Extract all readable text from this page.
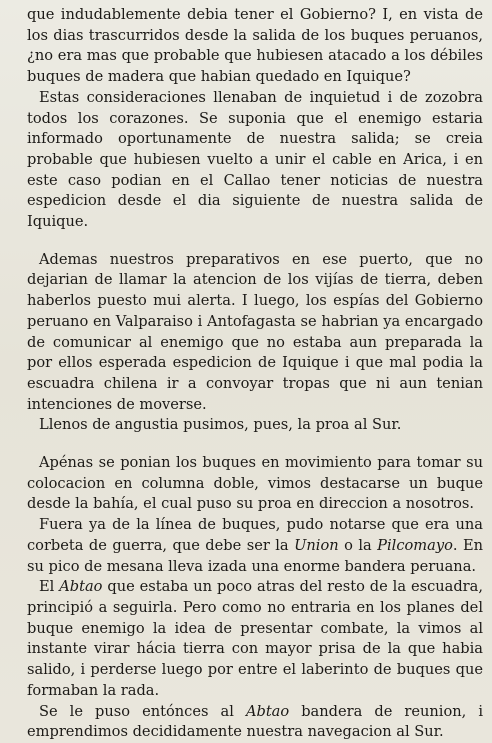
que indudablemente debia tener el Gobierno? I, en vista de los dias trascurridos desde la salida de los buques peruanos, ¿no era mas que probable que hubiesen atacado a los débiles buques de madera que habian quedado en Iquique?

Estas consideraciones llenaban de inquietud i de zozobra todos los corazones. Se suponia que el enemigo estaria informado oportunamente de nuestra salida; se creia probable que hubiesen vuelto a unir el cable en Arica, i en este caso podian en el Callao tener noticias de nuestra espedicion desde el dia siguiente de nuestra salida de Iquique.

Ademas nuestros preparativos en ese puerto, que no dejarian de llamar la atencion de los vijías de tierra, deben haberlos puesto mui alerta. I luego, los espías del Gobierno peruano en Valparaiso i Antofagasta se habrian ya encargado de comunicar al enemigo que no estaba aun preparada la por ellos esperada espedicion de Iquique i que mal podia la escuadra chilena ir a convoyar tropas que ni aun tenian intenciones de moverse.

Llenos de angustia pusimos, pues, la proa al Sur.

Apénas se ponian los buques en movimiento para tomar su colocacion en columna doble, vimos destacarse un buque desde la bahía, el cual puso su proa en direccion a nosotros.

Fuera ya de la línea de buques, pudo notarse que era una corbeta de guerra, que debe ser la Union o la Pilcomayo. En su pico de mesana lleva izada una enorme bandera peruana.

El Abtao que estaba un poco atras del resto de la escuadra, principió a seguirla. Pero como no entraria en los planes del buque enemigo la idea de presentar combate, la vimos al instante virar hácia tierra con mayor prisa de la que habia salido, i perderse luego por entre el laberinto de buques que formaban la rada.

Se le puso entónces al Abtao bandera de reunion, i emprendimos decididamente nuestra navegacion al Sur.
